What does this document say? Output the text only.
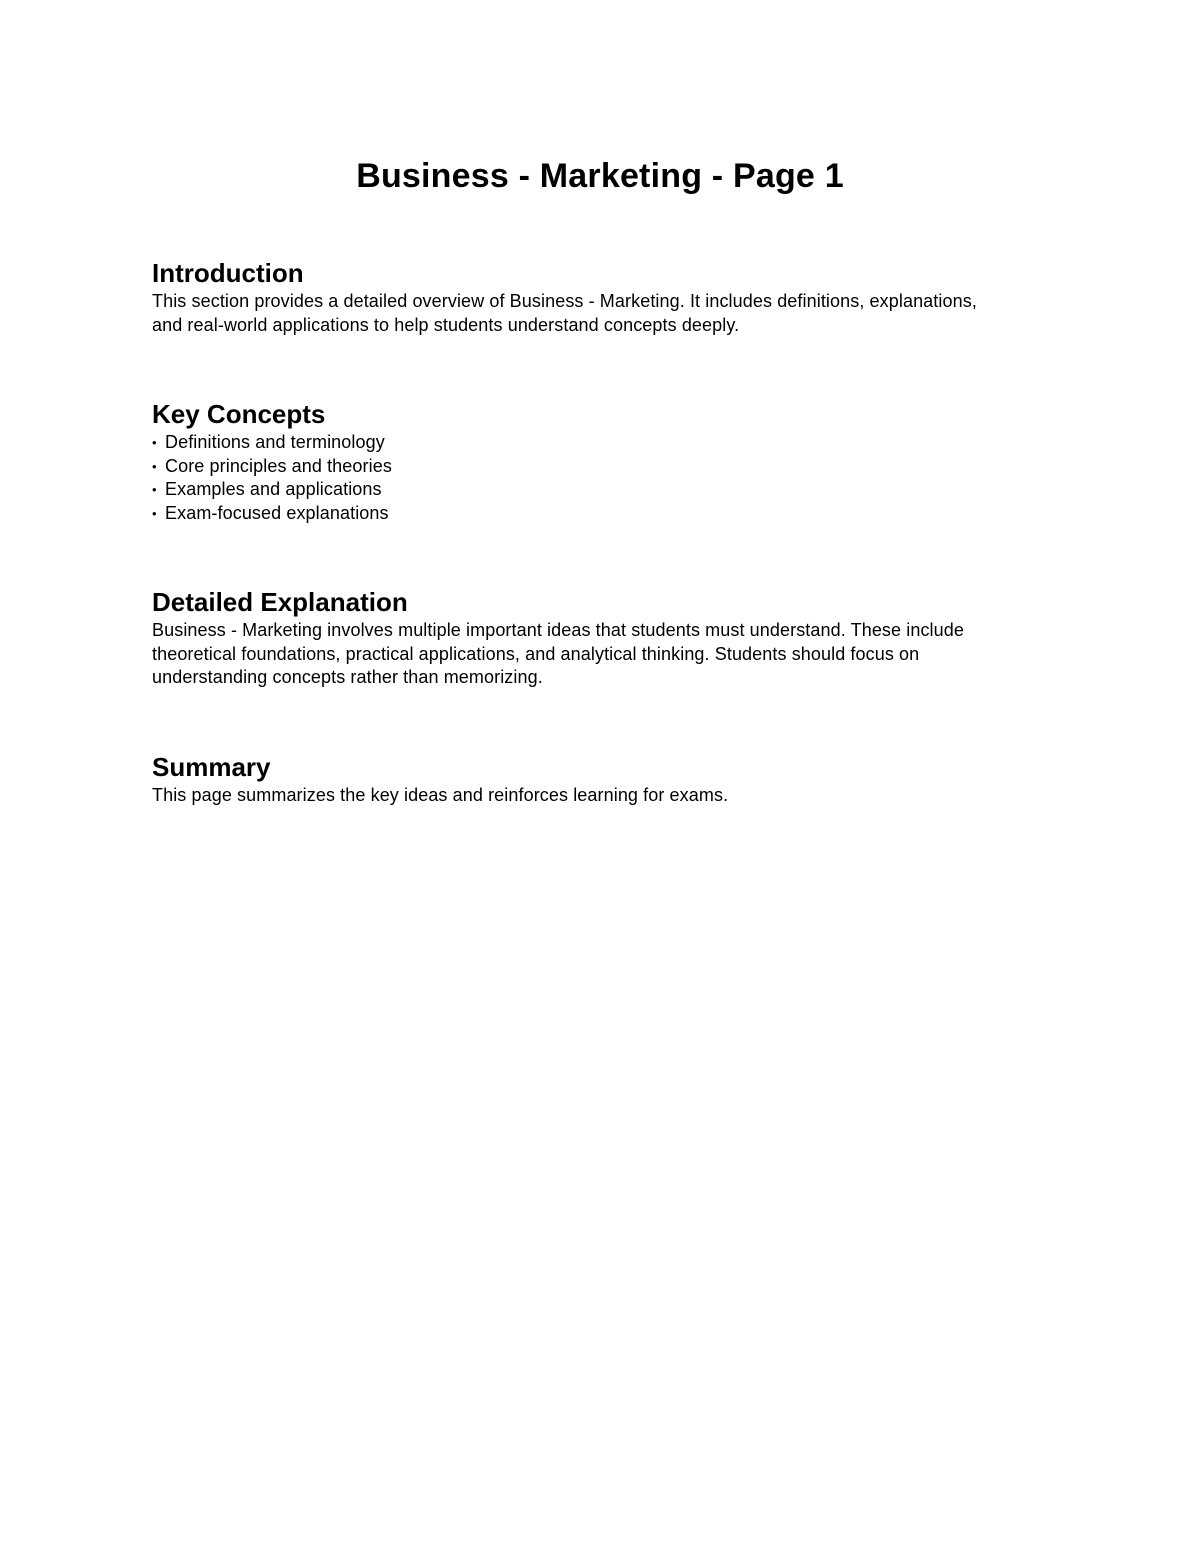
Business - Marketing - Page 1
Introduction

This section provides a detailed overview of Business - Marketing. It includes definitions, explanations,
and real-world applications to help students understand concepts deeply.

Key Concepts
• Definitions and terminology
• Core principles and theories
• Examples and applications
• Exam-focused explanations
Detailed Explanation

Business - Marketing involves multiple important ideas that students must understand. These include
theoretical foundations, practical applications, and analytical thinking. Students should focus on
understanding concepts rather than memorizing.

Summary

This page summarizes the key ideas and reinforces learning for exams.
